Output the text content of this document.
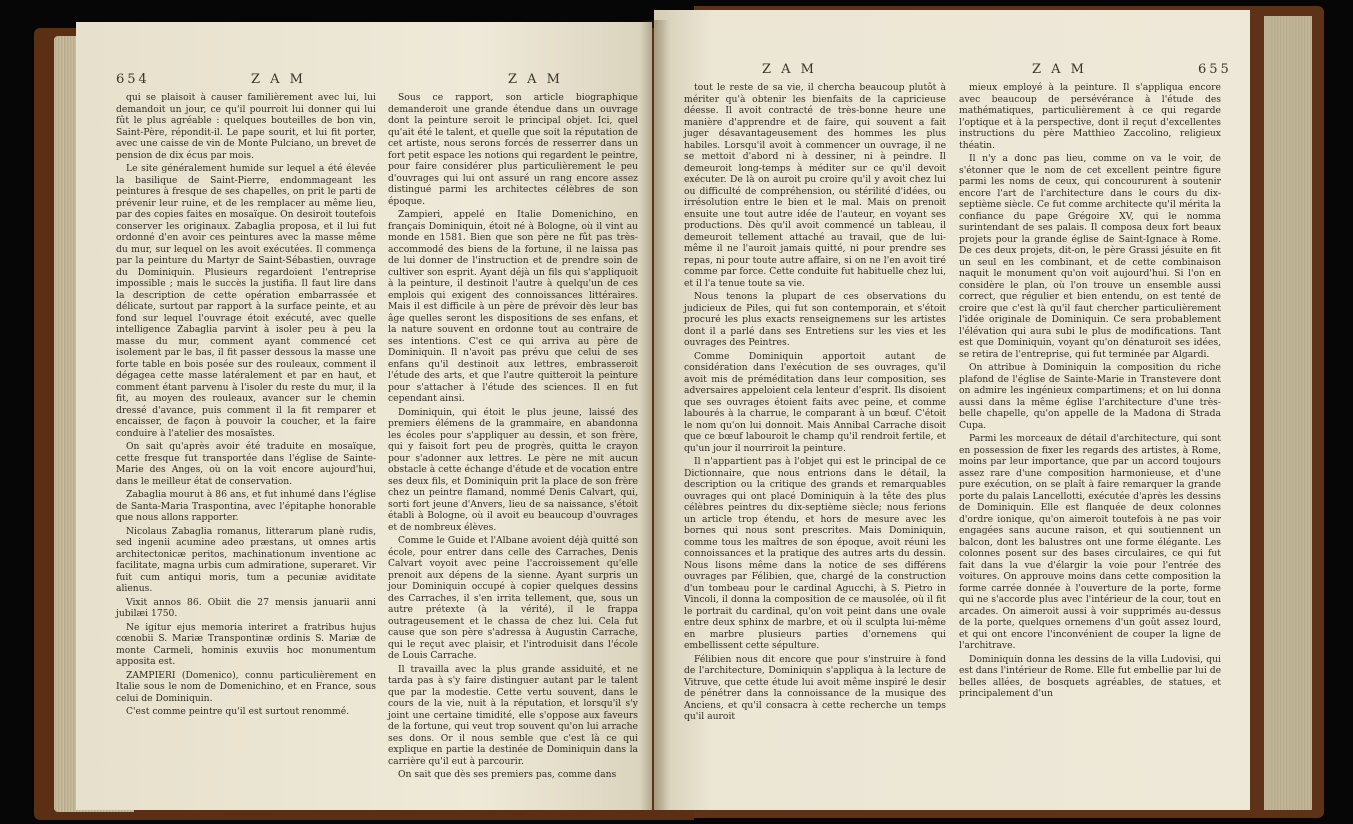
654	Z A M	Z A M

qui se plaisoit à causer familièrement avec lui, lui demandoit un jour, ce qu'il pourroit lui donner qui lui fût le plus agréable : quelques bouteilles de bon vin, Saint-Père, répondit-il. Le pape sourit, et lui fit porter, avec une caisse de vin de Monte Pulciano, un brevet de pension de dix écus par mois.

Le site généralement humide sur lequel a été élevée la basilique de Saint-Pierre, endommageant les peintures à fresque de ses chapelles, on prit le parti de prévenir leur ruine, et de les remplacer au même lieu, par des copies faites en mosaïque. On desiroit toutefois conserver les originaux. Zabaglia proposa, et il lui fut ordonné d'en avoir ces peintures avec la masse même du mur, sur lequel on les avoit exécutées. Il commença par la peinture du Martyr de Saint-Sébastien, ouvrage du Dominiquin. Plusieurs regardoient l'entreprise impossible ; mais le succès la justifia. Il faut lire dans la description de cette opération embarrassée et délicate, surtout par rapport à la surface peinte, et au fond sur lequel l'ouvrage étoit exécuté, avec quelle intelligence Zabaglia parvint à isoler peu à peu la masse du mur, comment ayant commencé cet isolement par le bas, il fit passer dessous la masse une forte table en bois posée sur des rouleaux, comment il dégagea cette masse latéralement et par en haut, et comment étant parvenu à l'isoler du reste du mur, il la fit, au moyen des rouleaux, avancer sur le chemin dressé d'avance, puis comment il la fit remparer et encaisser, de façon à pouvoir la coucher, et la faire conduire à l'atelier des mosaïstes.

On sait qu'après avoir été traduite en mosaïque, cette fresque fut transportée dans l'église de Sainte-Marie des Anges, où on la voit encore aujourd'hui, dans le meilleur état de conservation.

Zabaglia mourut à 86 ans, et fut inhumé dans l'église de Santa-Maria Traspontina, avec l'épitaphe honorable que nous allons rapporter.

Nicolaus Zabaglia romanus, litterarum planè rudis, sed ingenii acumine adeo præstans, ut omnes artis architectonicæ peritos, machinationum inventione ac facilitate, magna urbis cum admiratione, superaret. Vir fuit cum antiqui moris, tum a pecuniæ aviditate alienus.

Vixit annos 86. Obiit die 27 mensis januarii anni jubilæi 1750.

Ne igitur ejus memoria interiret a fratribus hujus cœnobii S. Mariæ Transpontinæ ordinis S. Mariæ de monte Carmeli, hominis exuviis hoc monumentum apposita est.

ZAMPIERI (Domenico), connu particulièrement en Italie sous le nom de Domenichino, et en France, sous celui de Dominiquin.

C'est comme peintre qu'il est surtout renommé.

Sous ce rapport, son article biographique demanderoit une grande étendue dans un ouvrage dont la peinture seroit le principal objet. Ici, quel qu'ait été le talent, et quelle que soit la réputation de cet artiste, nous serons forcés de resserrer dans un fort petit espace les notions qui regardent le peintre, pour faire considérer plus particulièrement le peu d'ouvrages qui lui ont assuré un rang encore assez distingué parmi les architectes célèbres de son époque.

Zampieri, appelé en Italie Domenichino, en français Dominiquin, étoit né à Bologne, où il vint au monde en 1581. Bien que son père ne fût pas très-accommodé des biens de la fortune, il ne laissa pas de lui donner de l'instruction et de prendre soin de cultiver son esprit. Ayant déjà un fils qui s'appliquoit à la peinture, il destinoit l'autre à quelqu'un de ces emplois qui exigent des connoissances littéraires. Mais il est difficile à un père de prévoir dès leur bas âge quelles seront les dispositions de ses enfans, et la nature souvent en ordonne tout au contraire de ses intentions. C'est ce qui arriva au père de Dominiquin. Il n'avoit pas prévu que celui de ses enfans qu'il destinoit aux lettres, embrasseroit l'étude des arts, et que l'autre quitteroit la peinture pour s'attacher à l'étude des sciences. Il en fut cependant ainsi.

Dominiquin, qui étoit le plus jeune, laissé des premiers élémens de la grammaire, en abandonna les écoles pour s'appliquer au dessin, et son frère, qui y faisoit fort peu de progrès, quitta le crayon pour s'adonner aux lettres. Le père ne mit aucun obstacle à cette échange d'étude et de vocation entre ses deux fils, et Dominiquin prit la place de son frère chez un peintre flamand, nommé Denis Calvart, qui, sorti fort jeune d'Anvers, lieu de sa naissance, s'étoit établi à Bologne, où il avoit eu beaucoup d'ouvrages et de nombreux élèves.

Comme le Guide et l'Albane avoient déjà quitté son école, pour entrer dans celle des Carraches, Denis Calvart voyoit avec peine l'accroissement qu'elle prenoit aux dépens de la sienne. Ayant surpris un jour Dominiquin occupé à copier quelques dessins des Carraches, il s'en irrita tellement, que, sous un autre prétexte (à la vérité), il le frappa outrageusement et le chassa de chez lui. Cela fut cause que son père s'adressa à Augustin Carrache, qui le reçut avec plaisir, et l'introduisit dans l'école de Louis Carrache.

Il travailla avec la plus grande assiduité, et ne tarda pas à s'y faire distinguer autant par le talent que par la modestie. Cette vertu souvent, dans le cours de la vie, nuit à la réputation, et lorsqu'il s'y joint une certaine timidité, elle s'oppose aux faveurs de la fortune, qui veut trop souvent qu'on lui arrache ses dons. Or il nous semble que c'est là ce qui explique en partie la destinée de Dominiquin dans la carrière qu'il eut à parcourir.

On sait que dès ses premiers pas, comme dans

Z A M	Z A M	655

tout le reste de sa vie, il chercha beaucoup plutôt à mériter qu'à obtenir les bienfaits de la capricieuse déesse. Il avoit contracté de très-bonne heure une manière d'apprendre et de faire, qui souvent a fait juger désavantageusement des hommes les plus habiles. Lorsqu'il avoit à commencer un ouvrage, il ne se mettoit d'abord ni à dessiner, ni à peindre. Il demeuroit long-temps à méditer sur ce qu'il devoit exécuter. De là on auroit pu croire qu'il y avoit chez lui ou difficulté de compréhension, ou stérilité d'idées, ou irrésolution entre le bien et le mal. Mais on prenoit ensuite une tout autre idée de l'auteur, en voyant ses productions. Dès qu'il avoit commencé un tableau, il demeuroit tellement attaché au travail, que de lui-même il ne l'auroit jamais quitté, ni pour prendre ses repas, ni pour toute autre affaire, si on ne l'en avoit tiré comme par force. Cette conduite fut habituelle chez lui, et il l'a tenue toute sa vie.

Nous tenons la plupart de ces observations du judicieux de Piles, qui fut son contemporain, et s'étoit procuré les plus exacts renseignemens sur les artistes dont il a parlé dans ses Entretiens sur les vies et les ouvrages des Peintres.

Comme Dominiquin apportoit autant de considération dans l'exécution de ses ouvrages, qu'il avoit mis de préméditation dans leur composition, ses adversaires appeloient cela lenteur d'esprit. Ils disoient que ses ouvrages étoient faits avec peine, et comme labourés à la charrue, le comparant à un bœuf. C'étoit le nom qu'on lui donnoit. Mais Annibal Carrache disoit que ce bœuf labouroit le champ qu'il rendroit fertile, et qu'un jour il nourriroit la peinture.

Il n'appartient pas à l'objet qui est le principal de ce Dictionnaire, que nous entrions dans le détail, la description ou la critique des grands et remarquables ouvrages qui ont placé Dominiquin à la tête des plus célèbres peintres du dix-septième siècle; nous ferions un article trop étendu, et hors de mesure avec les bornes qui nous sont prescrites. Mais Dominiquin, comme tous les maîtres de son époque, avoit réuni les connoissances et la pratique des autres arts du dessin. Nous lisons même dans la notice de ses différens ouvrages par Félibien, que, chargé de la construction d'un tombeau pour le cardinal Agucchi, à S. Pietro in Vincoli, il donna la composition de ce mausolée, où il fit le portrait du cardinal, qu'on voit peint dans une ovale entre deux sphinx de marbre, et où il sculpta lui-même en marbre plusieurs parties d'ornemens qui embellissent cette sépulture.

Félibien nous dit encore que pour s'instruire à fond de l'architecture, Dominiquin s'appliqua à la lecture de Vitruve, que cette étude lui avoit même inspiré le desir de pénétrer dans la connoissance de la musique des Anciens, et qu'il consacra à cette recherche un temps qu'il auroit

mieux employé à la peinture. Il s'appliqua encore avec beaucoup de persévérance à l'étude des mathématiques, particulièrement à ce qui regarde l'optique et à la perspective, dont il reçut d'excellentes instructions du père Matthieo Zaccolino, religieux théatin.

Il n'y a donc pas lieu, comme on va le voir, de s'étonner que le nom de cet excellent peintre figure parmi les noms de ceux, qui concoururent à soutenir encore l'art de l'architecture dans le cours du dix-septième siècle. Ce fut comme architecte qu'il mérita la confiance du pape Grégoire XV, qui le nomma surintendant de ses palais. Il composa deux fort beaux projets pour la grande église de Saint-Ignace à Rome. De ces deux projets, dit-on, le père Grassi jésuite en fit un seul en les combinant, et de cette combinaison naquit le monument qu'on voit aujourd'hui. Si l'on en considère le plan, où l'on trouve un ensemble aussi correct, que régulier et bien entendu, on est tenté de croire que c'est là qu'il faut chercher particulièrement l'idée originale de Dominiquin. Ce sera probablement l'élévation qui aura subi le plus de modifications. Tant est que Dominiquin, voyant qu'on dénaturoit ses idées, se retira de l'entreprise, qui fut terminée par Algardi.

On attribue à Dominiquin la composition du riche plafond de l'église de Sainte-Marie in Transtevere dont on admire les ingénieux compartimens; et on lui donna aussi dans la même église l'architecture d'une très-belle chapelle, qu'on appelle de la Madona di Strada Cupa.

Parmi les morceaux de détail d'architecture, qui sont en possession de fixer les regards des artistes, à Rome, moins par leur importance, que par un accord toujours assez rare d'une composition harmonieuse, et d'une pure exécution, on se plaît à faire remarquer la grande porte du palais Lancellotti, exécutée d'après les dessins de Dominiquin. Elle est flanquée de deux colonnes d'ordre ionique, qu'on aimeroit toutefois à ne pas voir engagées sans aucune raison, et qui soutiennent un balcon, dont les balustres ont une forme élégante. Les colonnes posent sur des bases circulaires, ce qui fut fait dans la vue d'élargir la voie pour l'entrée des voitures. On approuve moins dans cette composition la forme carrée donnée à l'ouverture de la porte, forme qui ne s'accorde plus avec l'intérieur de la cour, tout en arcades. On aimeroit aussi à voir supprimés au-dessus de la porte, quelques ornemens d'un goût assez lourd, et qui ont encore l'inconvénient de couper la ligne de l'architrave.

Dominiquin donna les dessins de la villa Ludovisi, qui est dans l'intérieur de Rome. Elle fut embellie par lui de belles allées, de bosquets agréables, de statues, et principalement d'un
